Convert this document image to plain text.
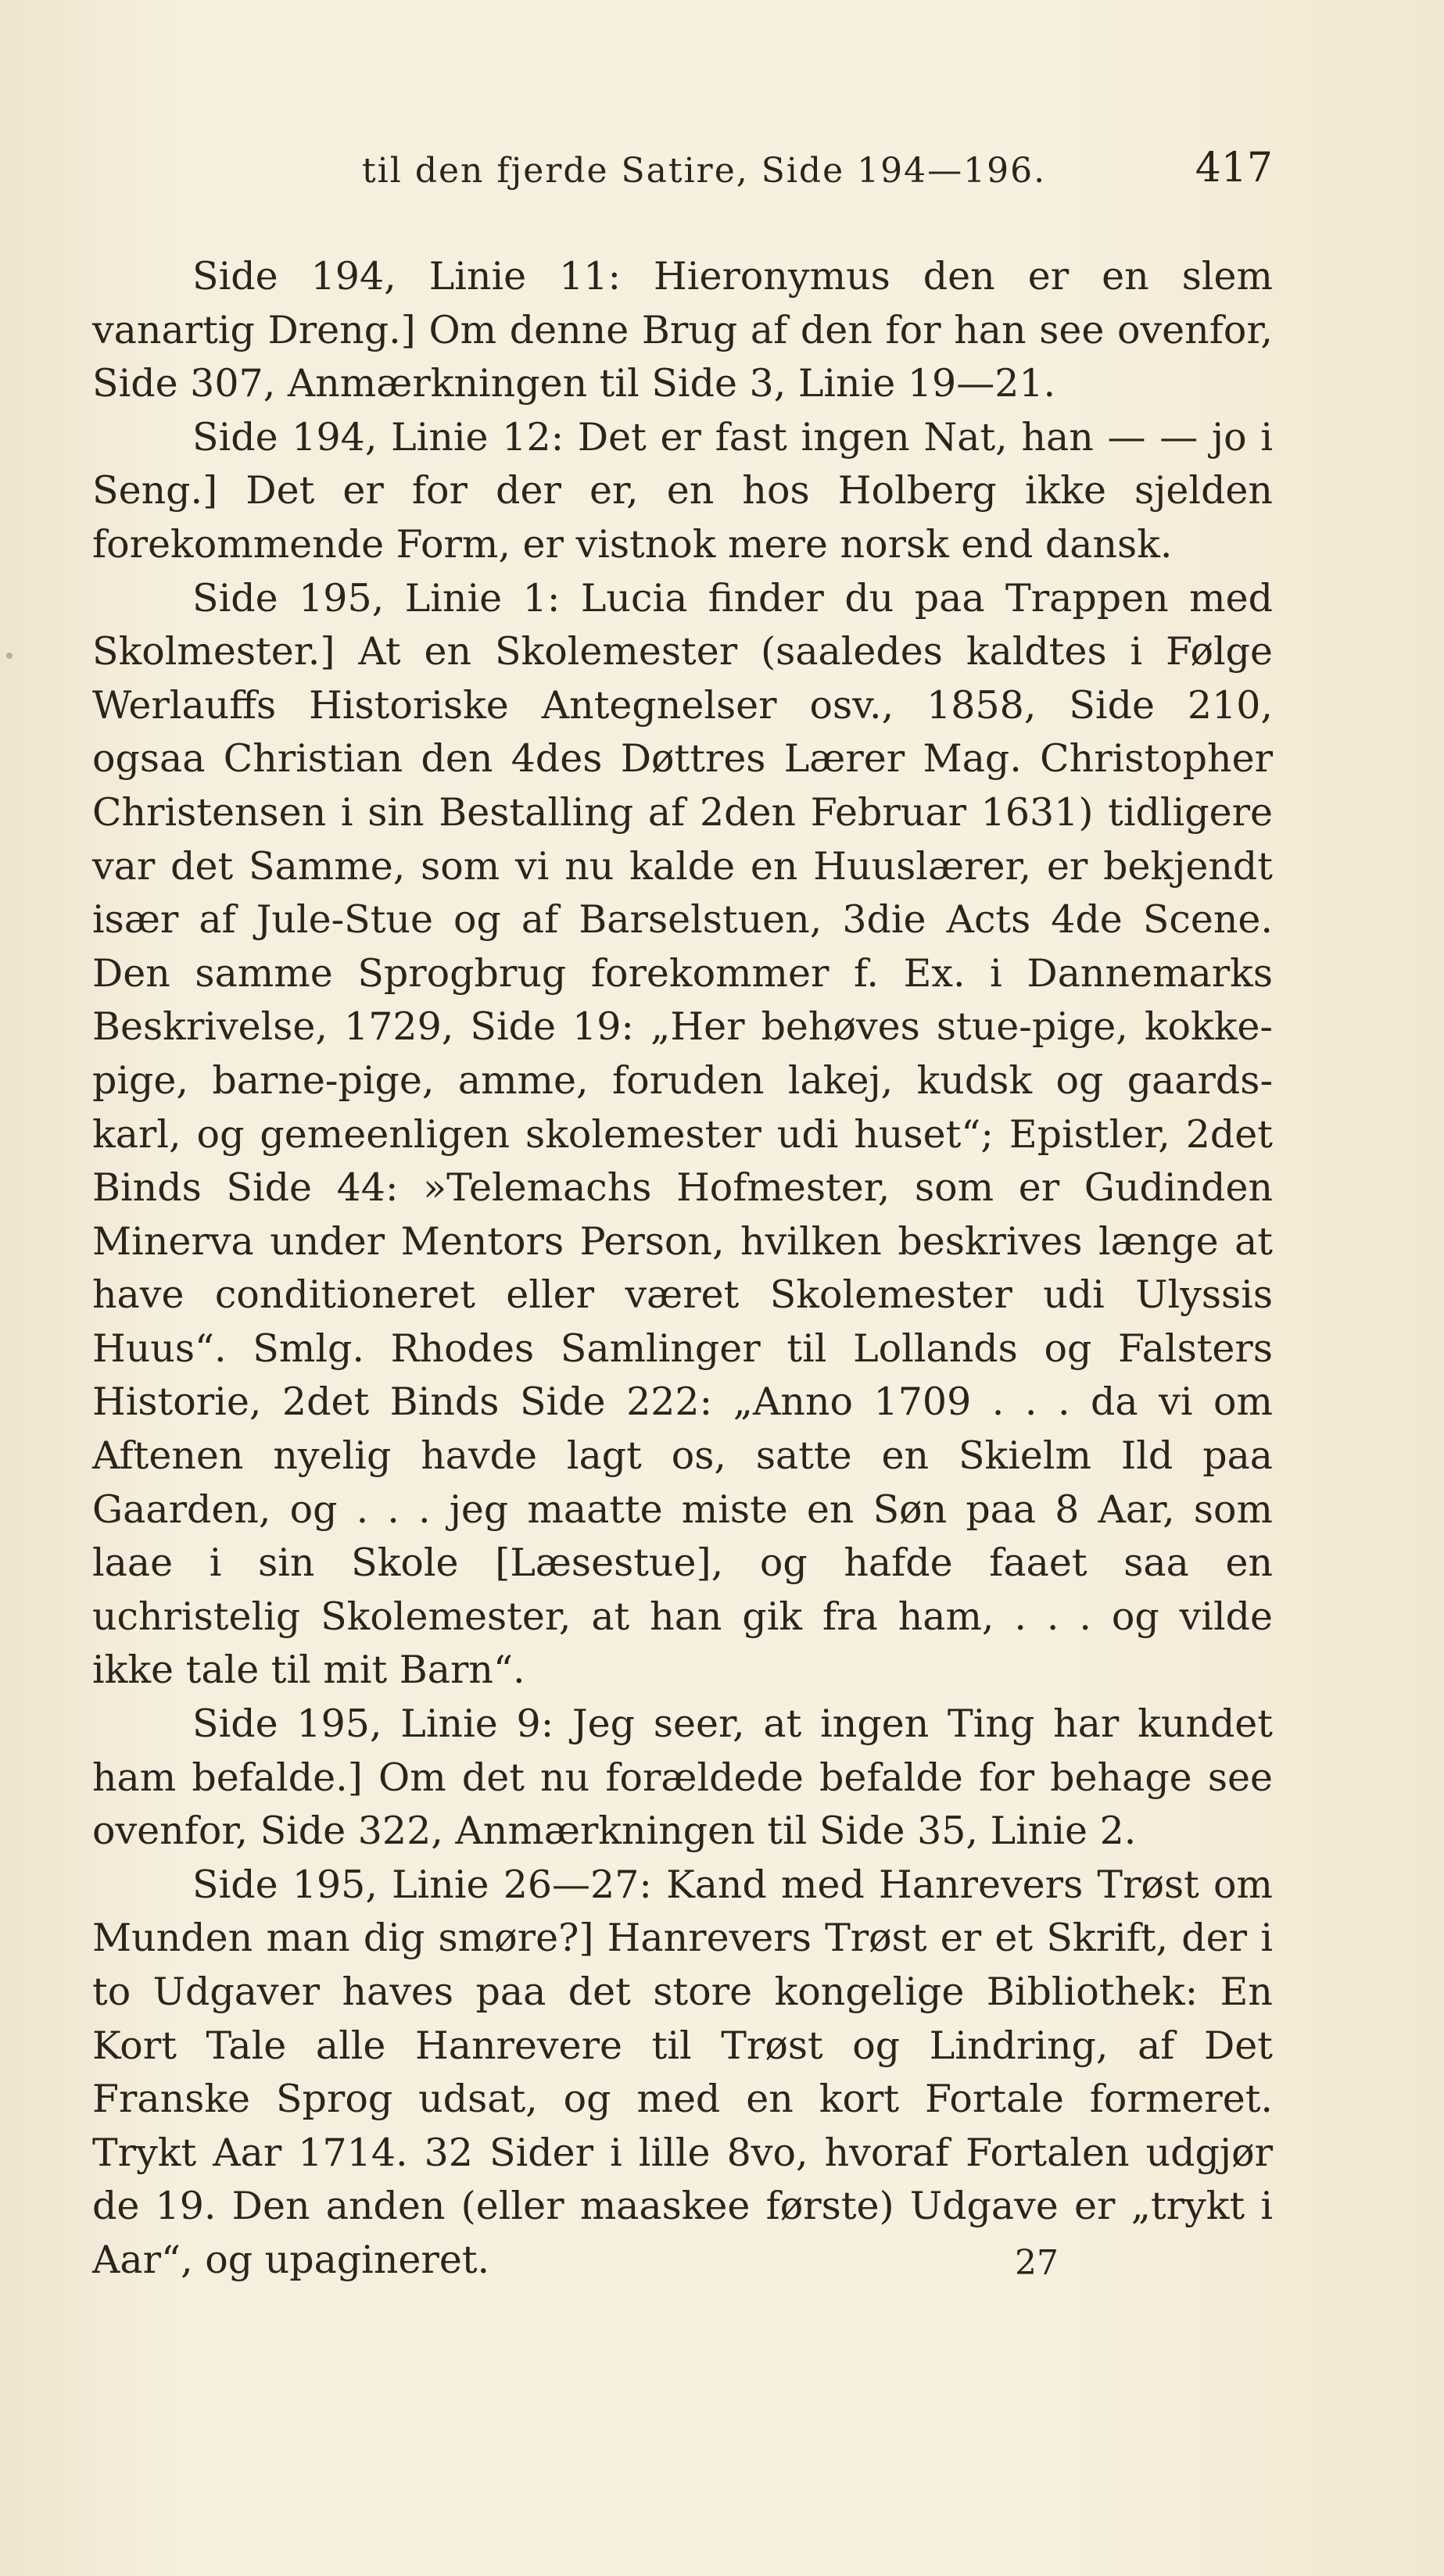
til den fjerde Satire, Side 194—196.	417

Side 194, Linie 11: Hieronymus den er en slem vanartig Dreng.] Om denne Brug af den for han see ovenfor, Side 307, Anmærkningen til Side 3, Linie 19—21.

Side 194, Linie 12: Det er fast ingen Nat, han — — jo i Seng.] Det er for der er, en hos Holberg ikke sjelden forekommende Form, er vistnok mere norsk end dansk.

Side 195, Linie 1: Lucia finder du paa Trappen med Skolmester.] At en Skolemester (saaledes kaldtes i Følge Werlauffs Historiske Antegnelser osv., 1858, Side 210, ogsaa Christian den 4des Døttres Lærer Mag. Christopher Christensen i sin Bestalling af 2den Februar 1631) tidligere var det Samme, som vi nu kalde en Huuslærer, er bekjendt især af Jule-Stue og af Barselstuen, 3die Acts 4de Scene. Den samme Sprogbrug forekommer f. Ex. i Dannemarks Beskrivelse, 1729, Side 19: „Her behøves stue-pige, kokke-pige, barne-pige, amme, foruden lakej, kudsk og gaards-karl, og gemeenligen skolemester udi huset“; Epistler, 2det Binds Side 44: »Telemachs Hofmester, som er Gudinden Minerva under Mentors Person, hvilken beskrives længe at have conditioneret eller været Skolemester udi Ulyssis Huus“. Smlg. Rhodes Samlinger til Lollands og Falsters Historie, 2det Binds Side 222: „Anno 1709 . . . da vi om Aftenen nyelig havde lagt os, satte en Skielm Ild paa Gaarden, og . . . jeg maatte miste en Søn paa 8 Aar, som laae i sin Skole [Læsestue], og hafde faaet saa en uchristelig Skolemester, at han gik fra ham, . . . og vilde ikke tale til mit Barn“.

Side 195, Linie 9: Jeg seer, at ingen Ting har kundet ham befalde.] Om det nu forældede befalde for behage see ovenfor, Side 322, Anmærkningen til Side 35, Linie 2.

Side 195, Linie 26—27: Kand med Hanrevers Trøst om Munden man dig smøre?] Hanrevers Trøst er et Skrift, der i to Udgaver haves paa det store kongelige Bibliothek: En Kort Tale alle Hanrevere til Trøst og Lindring, af Det Franske Sprog udsat, og med en kort Fortale formeret. Trykt Aar 1714. 32 Sider i lille 8vo, hvoraf Fortalen udgjør de 19. Den anden (eller maaskee første) Udgave er „trykt i Aar“, og upagineret.	27
